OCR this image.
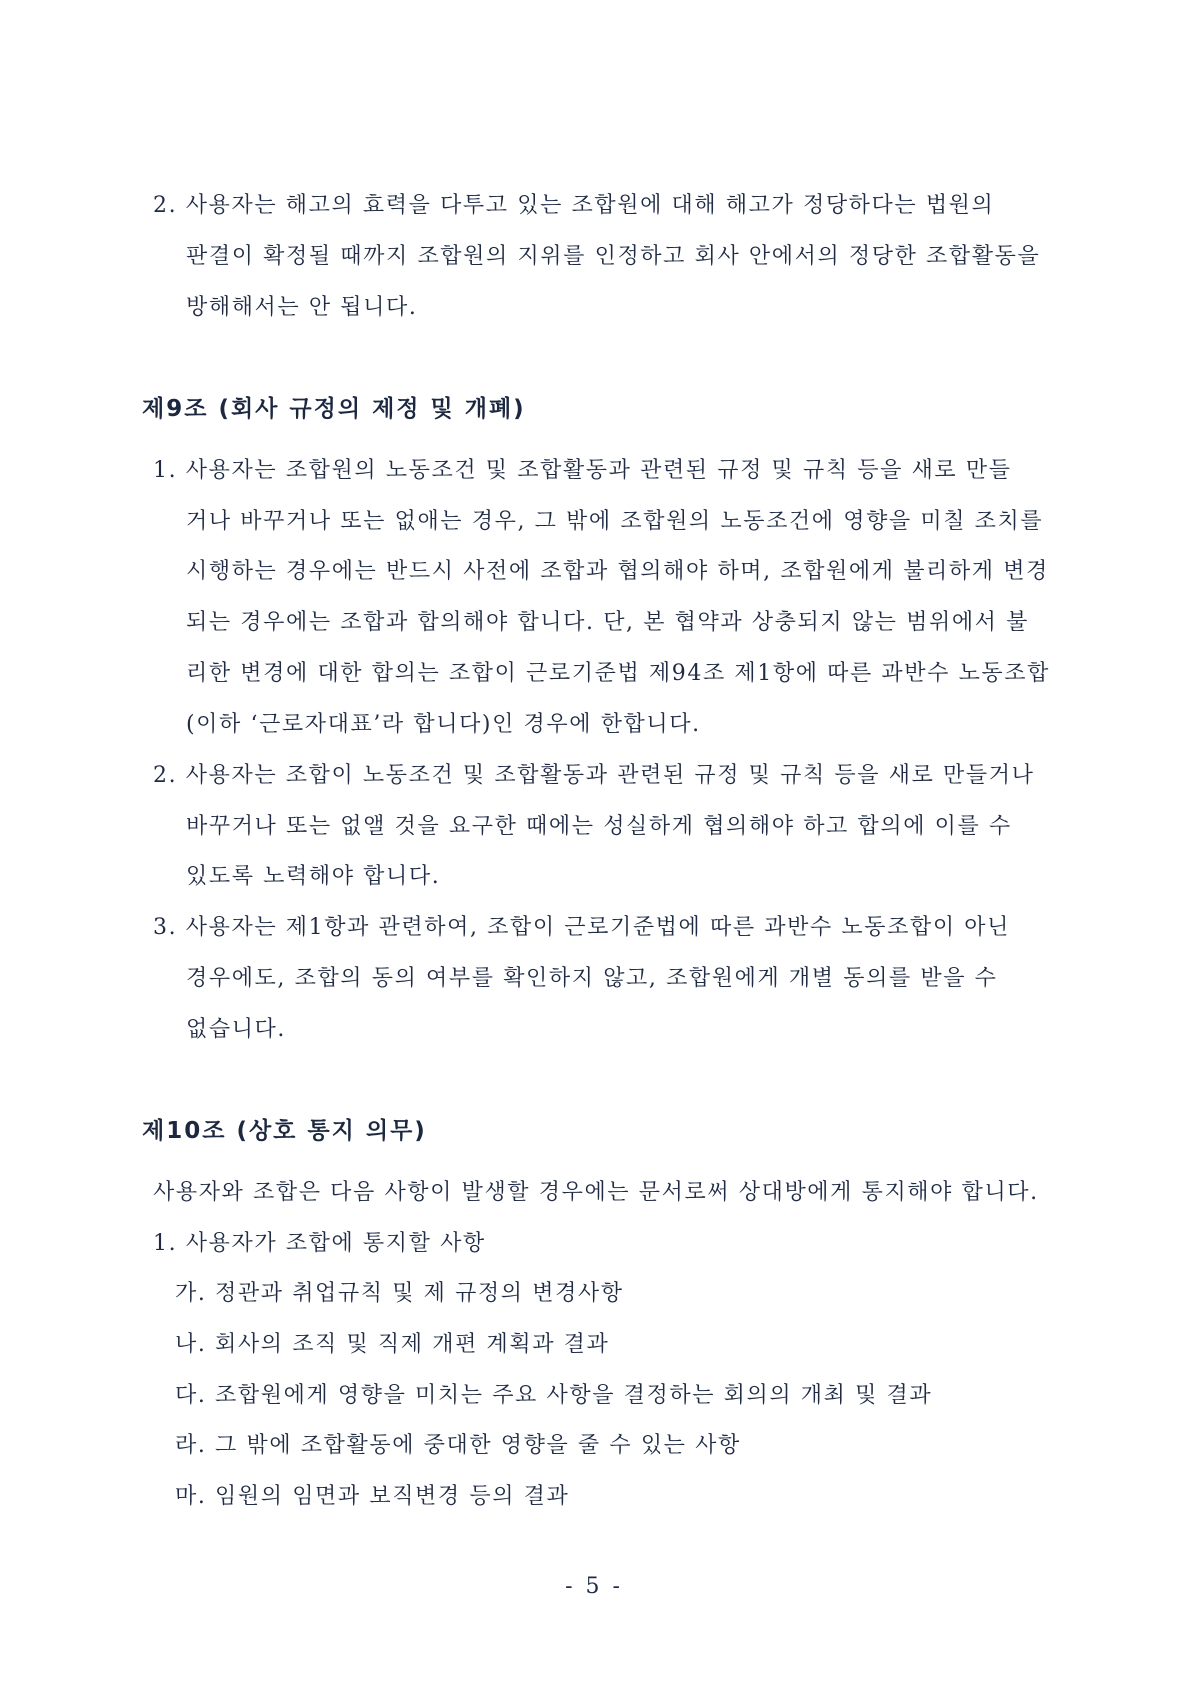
2. 사용자는 해고의 효력을 다투고 있는 조합원에 대해 해고가 정당하다는 법원의
판결이 확정될 때까지 조합원의 지위를 인정하고 회사 안에서의 정당한 조합활동을
방해해서는 안 됩니다.
제9조 (회사 규정의 제정 및 개폐)
1. 사용자는 조합원의 노동조건 및 조합활동과 관련된 규정 및 규칙 등을 새로 만들
거나 바꾸거나 또는 없애는 경우, 그 밖에 조합원의 노동조건에 영향을 미칠 조치를
시행하는 경우에는 반드시 사전에 조합과 협의해야 하며, 조합원에게 불리하게 변경
되는 경우에는 조합과 합의해야 합니다. 단, 본 협약과 상충되지 않는 범위에서 불
리한 변경에 대한 합의는 조합이 근로기준법 제94조 제1항에 따른 과반수 노동조합
(이하 ‘근로자대표’라 합니다)인 경우에 한합니다.
2. 사용자는 조합이 노동조건 및 조합활동과 관련된 규정 및 규칙 등을 새로 만들거나
바꾸거나 또는 없앨 것을 요구한 때에는 성실하게 협의해야 하고 합의에 이를 수
있도록 노력해야 합니다.
3. 사용자는 제1항과 관련하여, 조합이 근로기준법에 따른 과반수 노동조합이 아닌
경우에도, 조합의 동의 여부를 확인하지 않고, 조합원에게 개별 동의를 받을 수
없습니다.
제10조 (상호 통지 의무)
사용자와 조합은 다음 사항이 발생할 경우에는 문서로써 상대방에게 통지해야 합니다.
1. 사용자가 조합에 통지할 사항
가. 정관과 취업규칙 및 제 규정의 변경사항
나. 회사의 조직 및 직제 개편 계획과 결과
다. 조합원에게 영향을 미치는 주요 사항을 결정하는 회의의 개최 및 결과
라. 그 밖에 조합활동에 중대한 영향을 줄 수 있는 사항
마. 임원의 임면과 보직변경 등의 결과
- 5 -
